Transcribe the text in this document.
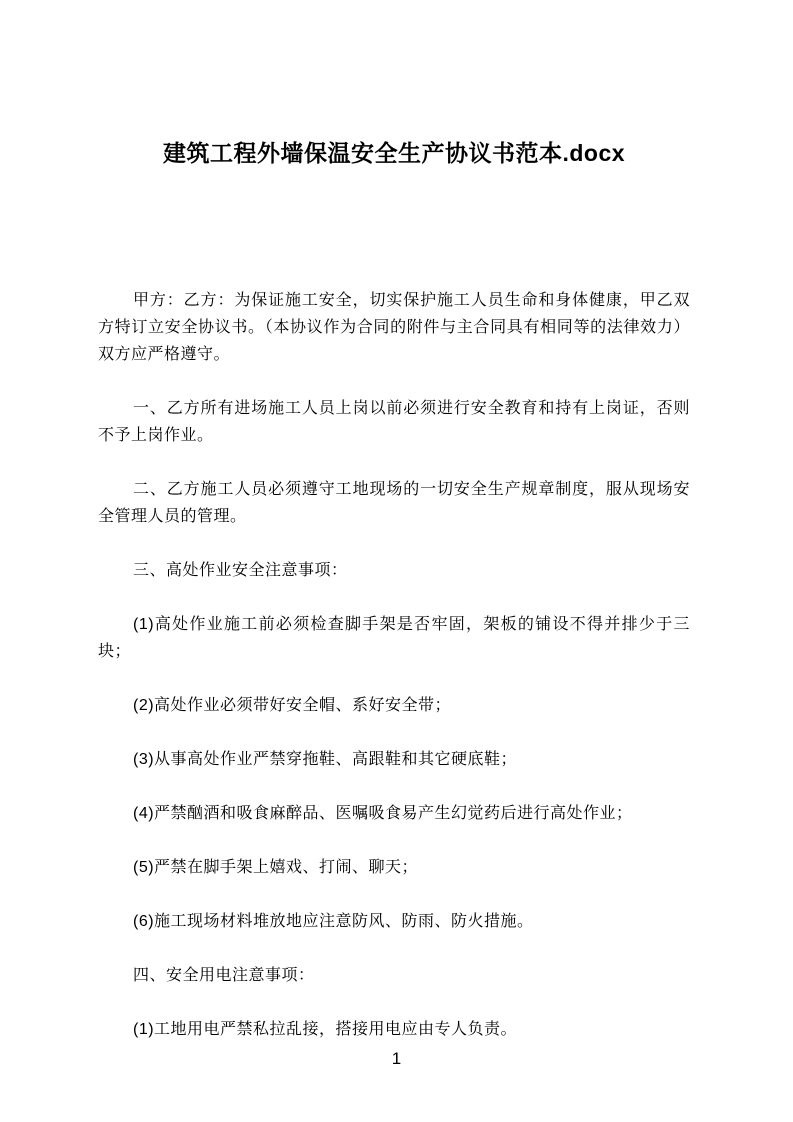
建筑工程外墙保温安全生产协议书范本.docx

甲方：乙方：为保证施工安全，切实保护施工人员生命和身体健康，甲乙双方特订立安全协议书。（本协议作为合同的附件与主合同具有相同等的法律效力）双方应严格遵守。

一、乙方所有进场施工人员上岗以前必须进行安全教育和持有上岗证，否则不予上岗作业。

二、乙方施工人员必须遵守工地现场的一切安全生产规章制度，服从现场安全管理人员的管理。

三、高处作业安全注意事项：

(1)高处作业施工前必须检查脚手架是否牢固，架板的铺设不得并排少于三块；

(2)高处作业必须带好安全帽、系好安全带；

(3)从事高处作业严禁穿拖鞋、高跟鞋和其它硬底鞋；

(4)严禁酗酒和吸食麻醉品、医嘱吸食易产生幻觉药后进行高处作业；

(5)严禁在脚手架上嬉戏、打闹、聊天；

(6)施工现场材料堆放地应注意防风、防雨、防火措施。

四、安全用电注意事项：

(1)工地用电严禁私拉乱接，搭接用电应由专人负责。

1
